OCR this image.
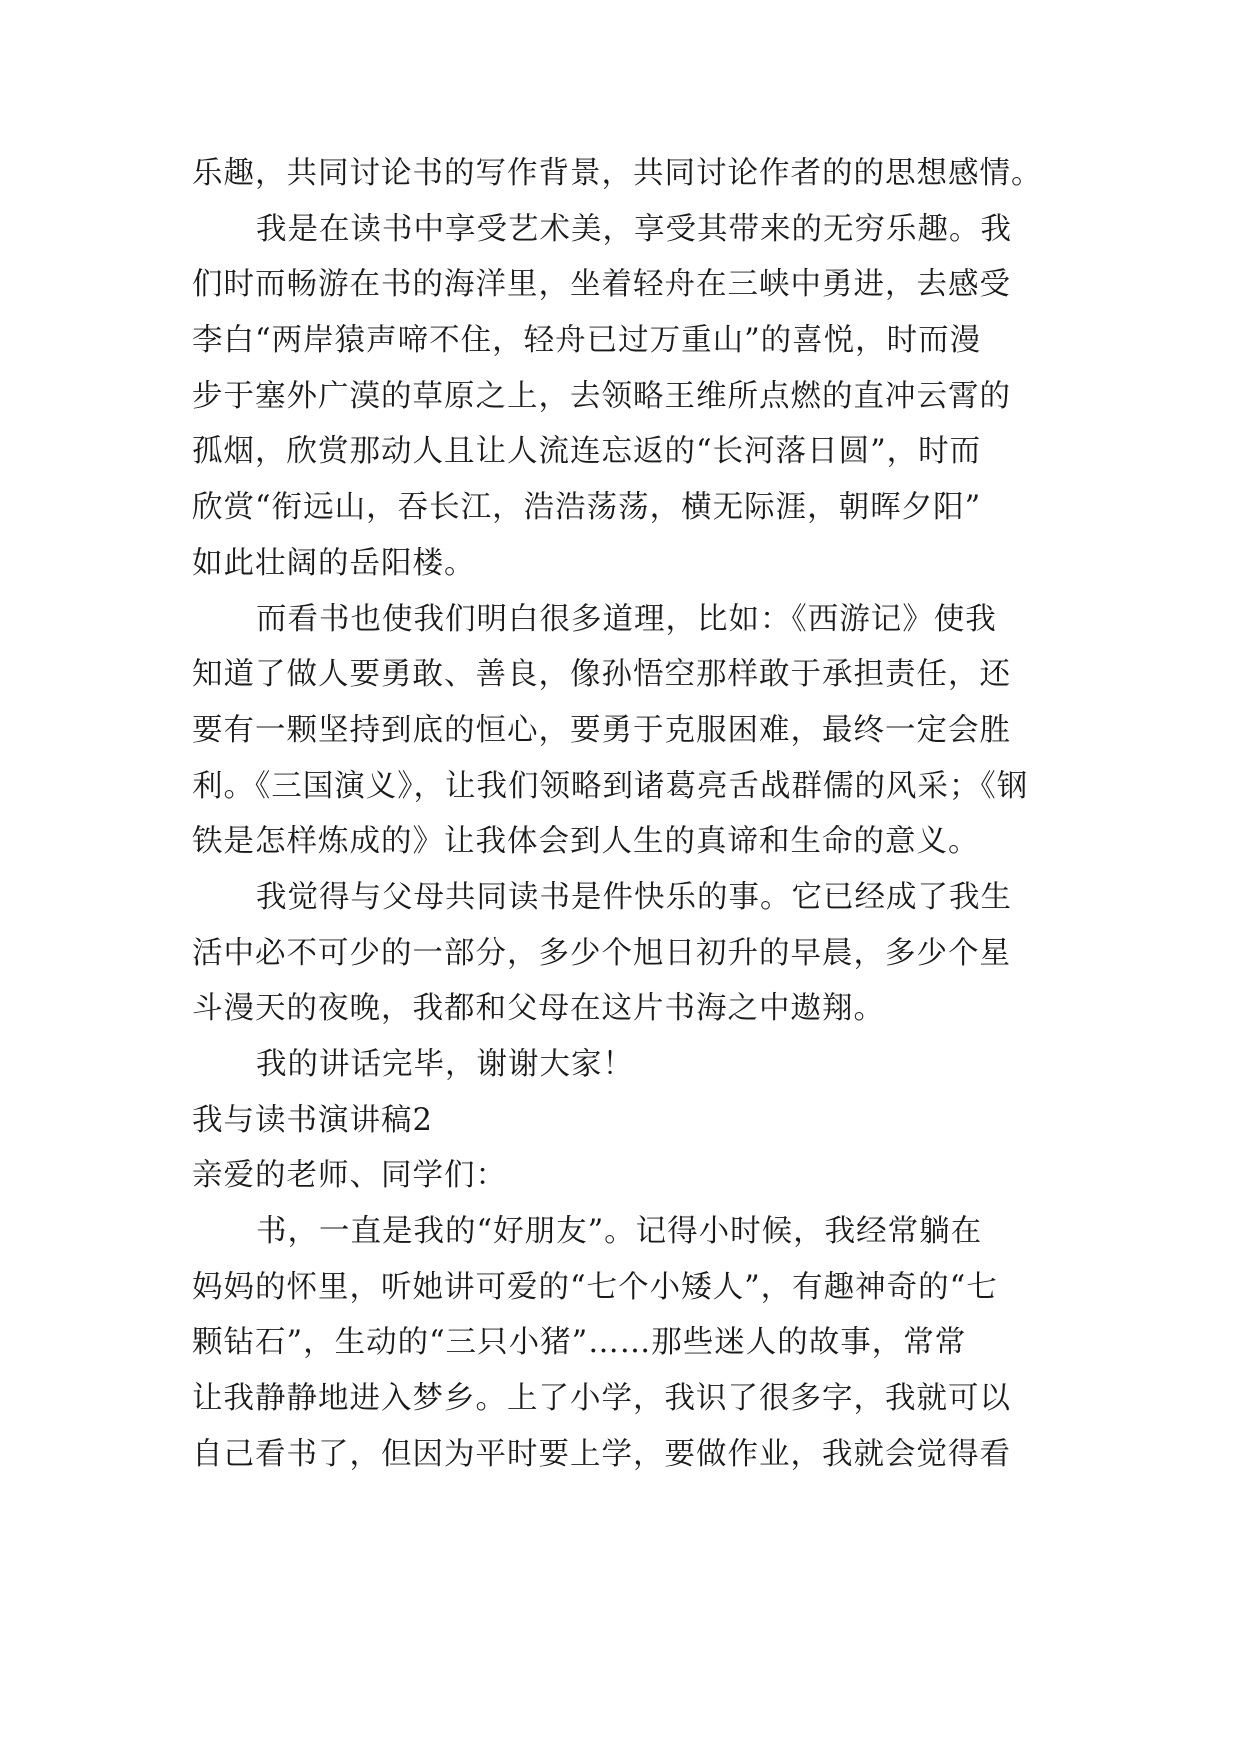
乐趣，共同讨论书的写作背景，共同讨论作者的的思想感情。
我是在读书中享受艺术美，享受其带来的无穷乐趣。我
们时而畅游在书的海洋里，坐着轻舟在三峡中勇进，去感受
李白“两岸猿声啼不住，轻舟已过万重山”的喜悦，时而漫
步于塞外广漠的草原之上，去领略王维所点燃的直冲云霄的
孤烟，欣赏那动人且让人流连忘返的“长河落日圆”，时而
欣赏“衔远山，吞长江，浩浩荡荡，横无际涯，朝晖夕阳”
如此壮阔的岳阳楼。
而看书也使我们明白很多道理，比如：《西游记》使我
知道了做人要勇敢、善良，像孙悟空那样敢于承担责任，还
要有一颗坚持到底的恒心，要勇于克服困难，最终一定会胜
利。《三国演义》，让我们领略到诸葛亮舌战群儒的风采；《钢
铁是怎样炼成的》让我体会到人生的真谛和生命的意义。
我觉得与父母共同读书是件快乐的事。它已经成了我生
活中必不可少的一部分，多少个旭日初升的早晨，多少个星
斗漫天的夜晚，我都和父母在这片书海之中遨翔。
我的讲话完毕，谢谢大家！
我与读书演讲稿2
亲爱的老师、同学们：
书，一直是我的“好朋友”。记得小时候，我经常躺在
妈妈的怀里，听她讲可爱的“七个小矮人”，有趣神奇的“七
颗钻石”，生动的“三只小猪”……那些迷人的故事，常常
让我静静地进入梦乡。上了小学，我识了很多字，我就可以
自己看书了，但因为平时要上学，要做作业，我就会觉得看
